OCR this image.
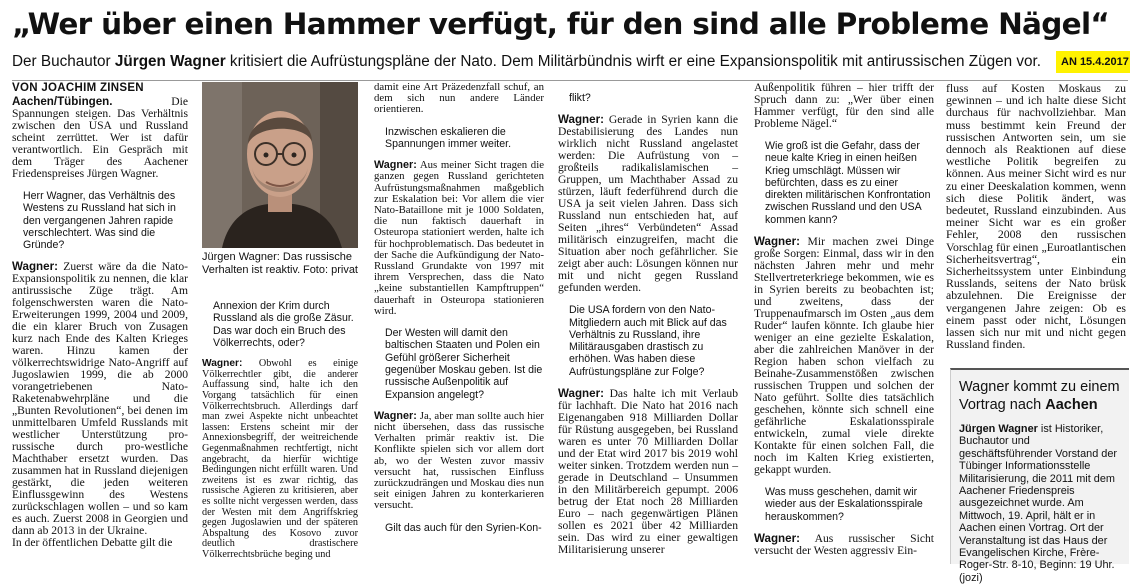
„Wer über einen Hammer verfügt, für den sind alle Probleme Nägel“
Der Buchautor Jürgen Wagner kritisiert die Aufrüstungspläne der Nato. Dem Militärbündnis wirft er eine Expansionspolitik mit antirussischen Zügen vor.	AN 15.4.2017
VON JOACHIM ZINSEN
Jürgen Wagner: Das russische Verhalten ist reaktiv. Foto: privat

Aachen/Tübingen.	Die Spannungen steigen. Das Verhältnis zwischen den USA und Russland scheint zerrüttet. Wer ist dafür verantwortlich. Ein Gespräch mit dem Träger des Aachener Friedenspreises Jürgen Wagner.

Herr Wagner, das Verhältnis des Westens zu Russland hat sich in den vergangenen Jahren rapide verschlechtert. Was sind die Gründe?

Wagner: Zuerst wäre da die Nato-Expansionspolitik zu nennen, die klar antirussische Züge trägt. Am folgenschwersten waren die Nato-Erweiterungen 1999, 2004 und 2009, die ein klarer Bruch von Zusagen kurz nach Ende des Kalten Krieges waren. Hinzu kamen der völkerrechtswidrige Nato-Angriff auf Jugoslawien 1999, die ab 2000 vorangetriebenen Nato-Raketenabwehrpläne und die „Bunten Revolutionen“, bei denen im unmittelbaren Umfeld Russlands mit westlicher Unterstützung pro-russische durch pro-westliche Machthaber ersetzt wurden. Das zusammen hat in Russland diejenigen gestärkt, die jeden weiteren Einflussgewinn des Westens zurückschlagen wollen – und so kam es auch. Zuerst 2008 in Georgien und dann ab 2013 in der Ukraine.

In der öffentlichen Debatte gilt die

Annexion der Krim durch Russland als die große Zäsur. Das war doch ein Bruch des Völkerrechts, oder?

Wagner: Obwohl es einige Völkerrechtler gibt, die anderer Auffassung sind, halte ich den Vorgang tatsächlich für einen Völkerrechtsbruch. Allerdings darf man zwei Aspekte nicht unbeachtet lassen: Erstens scheint mir der Annexionsbegriff, der weitreichende Gegenmaßnahmen rechtfertigt, nicht angebracht, da hierfür wichtige Bedingungen nicht erfüllt waren. Und zweitens ist es zwar richtig, das russische Agieren zu kritisieren, aber es sollte nicht vergessen werden, dass der Westen mit dem Angriffskrieg gegen Jugoslawien und der späteren Abspaltung des Kosovo zuvor deutlich drastischere Völkerrechtsbrüche beging und

damit eine Art Präzedenzfall schuf, an dem sich nun andere Länder orientieren.

Inzwischen eskalieren die Spannungen immer weiter.

Wagner: Aus meiner Sicht tragen die ganzen gegen Russland gerichteten Aufrüstungsmaßnahmen maßgeblich zur Eskalation bei: Vor allem die vier Nato-Bataillone mit je 1000 Soldaten, die nun faktisch dauerhaft in Osteuropa stationiert werden, halte ich für hochproblematisch. Das bedeutet in der Sache die Aufkündigung der Nato-Russland Grundakte von 1997 mit ihrem Versprechen, dass die Nato „keine substantiellen Kampftruppen“ dauerhaft in Osteuropa stationieren wird.

Der Westen will damit den baltischen Staaten und Polen ein Gefühl größerer Sicherheit gegenüber Moskau geben. Ist die russische Außenpolitik auf Expansion angelegt?

Wagner: Ja, aber man sollte auch hier nicht übersehen, dass das russische Verhalten primär reaktiv ist. Die Konflikte spielen sich vor allem dort ab, wo der Westen zuvor massiv versucht hat, russischen Einfluss zurückzudrängen und Moskau dies nun seit einigen Jahren zu konterkarieren versucht.

Gilt das auch für den Syrien-Kon-

flikt?

Wagner: Gerade in Syrien kann die Destabilisierung des Landes nun wirklich nicht Russland angelastet werden: Die Aufrüstung von – großteils radikalislamischen – Gruppen, um Machthaber Assad zu stürzen, läuft federführend durch die USA ja seit vielen Jahren. Dass sich Russland nun entschieden hat, auf Seiten „ihres“ Verbündeten“ Assad militärisch einzugreifen, macht die Situation aber noch gefährlicher. Sie zeigt aber auch: Lösungen können nur mit und nicht gegen Russland gefunden werden.

Die USA fordern von den Nato-Mitgliedern auch mit Blick auf das Verhältnis zu Russland, ihre Militärausgaben drastisch zu erhöhen. Was haben diese Aufrüstungspläne zur Folge?

Wagner: Das halte ich mit Verlaub für lachhaft. Die Nato hat 2016 nach Eigenangaben 918 Milliarden Dollar für Rüstung ausgegeben, bei Russland waren es unter 70 Milliarden Dollar und der Etat wird 2017 bis 2019 wohl weiter sinken. Trotzdem werden nun – gerade in Deutschland – Unsummen in den Militärbereich gepumpt. 2006 betrug der Etat noch 28 Milliarden Euro – nach gegenwärtigen Plänen sollen es 2021 über 42 Milliarden sein. Das wird zu einer gewaltigen Militarisierung unserer

Außenpolitik führen – hier trifft der Spruch dann zu: „Wer über einen Hammer verfügt, für den sind alle Probleme Nägel.“

Wie groß ist die Gefahr, dass der neue kalte Krieg in einen heißen Krieg umschlägt. Müssen wir befürchten, dass es zu einer direkten militärischen Konfrontation zwischen Russland und den USA kommen kann?

Wagner: Mir machen zwei Dinge große Sorgen: Einmal, dass wir in den nächsten Jahren mehr und mehr Stellvertreterkriege bekommen, wie es in Syrien bereits zu beobachten ist; und zweitens, dass der Truppenaufmarsch im Osten „aus dem Ruder“ laufen könnte. Ich glaube hier weniger an eine gezielte Eskalation, aber die zahlreichen Manöver in der Region haben schon vielfach zu Beinahe-Zusammenstößen zwischen russischen Truppen und solchen der Nato geführt. Sollte dies tatsächlich geschehen, könnte sich schnell eine gefährliche Eskalationsspirale entwickeln, zumal viele direkte Kontakte für einen solchen Fall, die noch im Kalten Krieg existierten, gekappt wurden.

Was muss geschehen, damit wir wieder aus der Eskalationsspirale herauskommen?

Wagner: Aus russischer Sicht versucht der Westen aggressiv Ein-

fluss auf Kosten Moskaus zu gewinnen – und ich halte diese Sicht durchaus für nachvollziehbar. Man muss bestimmt kein Freund der russischen Antworten sein, um sie dennoch als Reaktionen auf diese westliche Politik begreifen zu können. Aus meiner Sicht wird es nur zu einer Deeskalation kommen, wenn sich diese Politik ändert, was bedeutet, Russland einzubinden. Aus meiner Sicht war es ein großer Fehler, 2008 den russischen Vorschlag für einen „Euroatlantischen Sicherheitsvertrag“, ein Sicherheitssystem unter Einbindung Russlands, seitens der Nato brüsk abzulehnen. Die Ereignisse der vergangenen Jahre zeigen: Ob es einem passt oder nicht, Lösungen lassen sich nur mit und nicht gegen Russland finden.

Wagner kommt zu einem Vortrag nach Aachen
Jürgen Wagner ist Historiker, Buchautor und geschäftsführender Vorstand der Tübinger Informationsstelle Militarisierung, die 2011 mit dem Aachener Friedenspreis ausgezeichnet wurde. Am Mittwoch, 19. April, hält er in Aachen einen Vortrag. Ort der Veranstaltung ist das Haus der Evangelischen Kirche, Frère-Roger-Str. 8-10, Beginn: 19 Uhr. (jozi)
